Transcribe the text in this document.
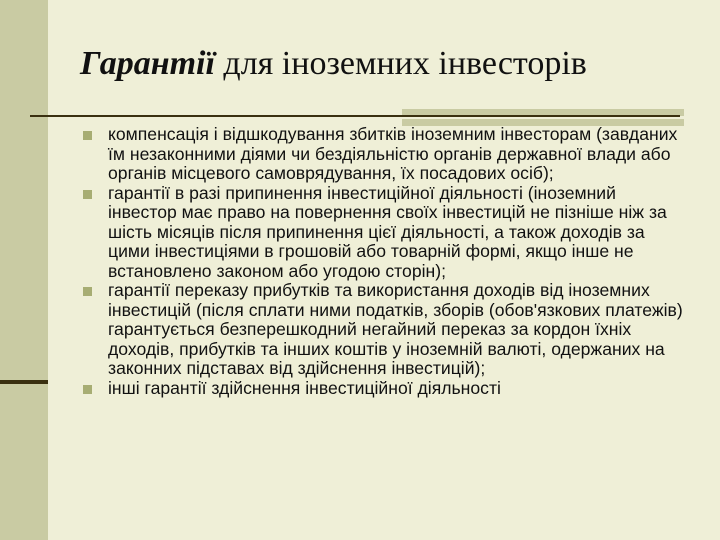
Гарантії для іноземних інвесторів
компенсація і відшкодування збитків іноземним інвесторам (завданих їм незаконними діями чи бездіяльністю органів державної влади або органів місцевого самоврядування, їх посадових осіб);
гарантії в разі припинення інвестиційної діяльності (іноземний інвестор має право на повернення своїх інвестицій не пізніше ніж за шість місяців після припинення цієї діяльності, а також доходів за цими інвестиціями в грошовій або товарній формі, якщо інше не встановлено законом або угодою сторін);
гарантії переказу прибутків та використання доходів від іноземних інвестицій (після сплати ними податків, зборів (обов'язкових платежів) гарантується безперешкодний негайний переказ за кордон їхніх доходів, прибутків та інших коштів у іноземній валюті, одержаних на законних підставах від здійснення інвестицій);
інші гарантії здійснення інвестиційної діяльності
